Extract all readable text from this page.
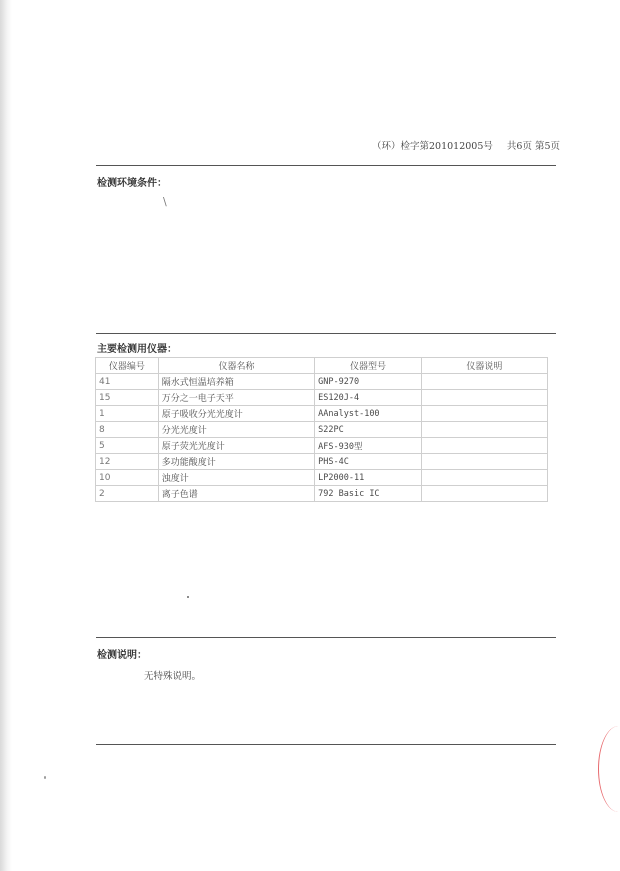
（环）检字第201012005号 共6页 第5页
检测环境条件：
\
主要检测用仪器：
仪器编号	仪器名称	仪器型号	仪器说明
41	隔水式恒温培养箱	GNP-9270	
15	万分之一电子天平	ES120J-4	
1	原子吸收分光光度计	AAnalyst-100	
8	分光光度计	S22PC	
5	原子荧光光度计	AFS-930型	
12	多功能酸度计	PHS-4C	
10	浊度计	LP2000-11	
2	离子色谱	792 Basic IC	
检测说明：
无特殊说明。
